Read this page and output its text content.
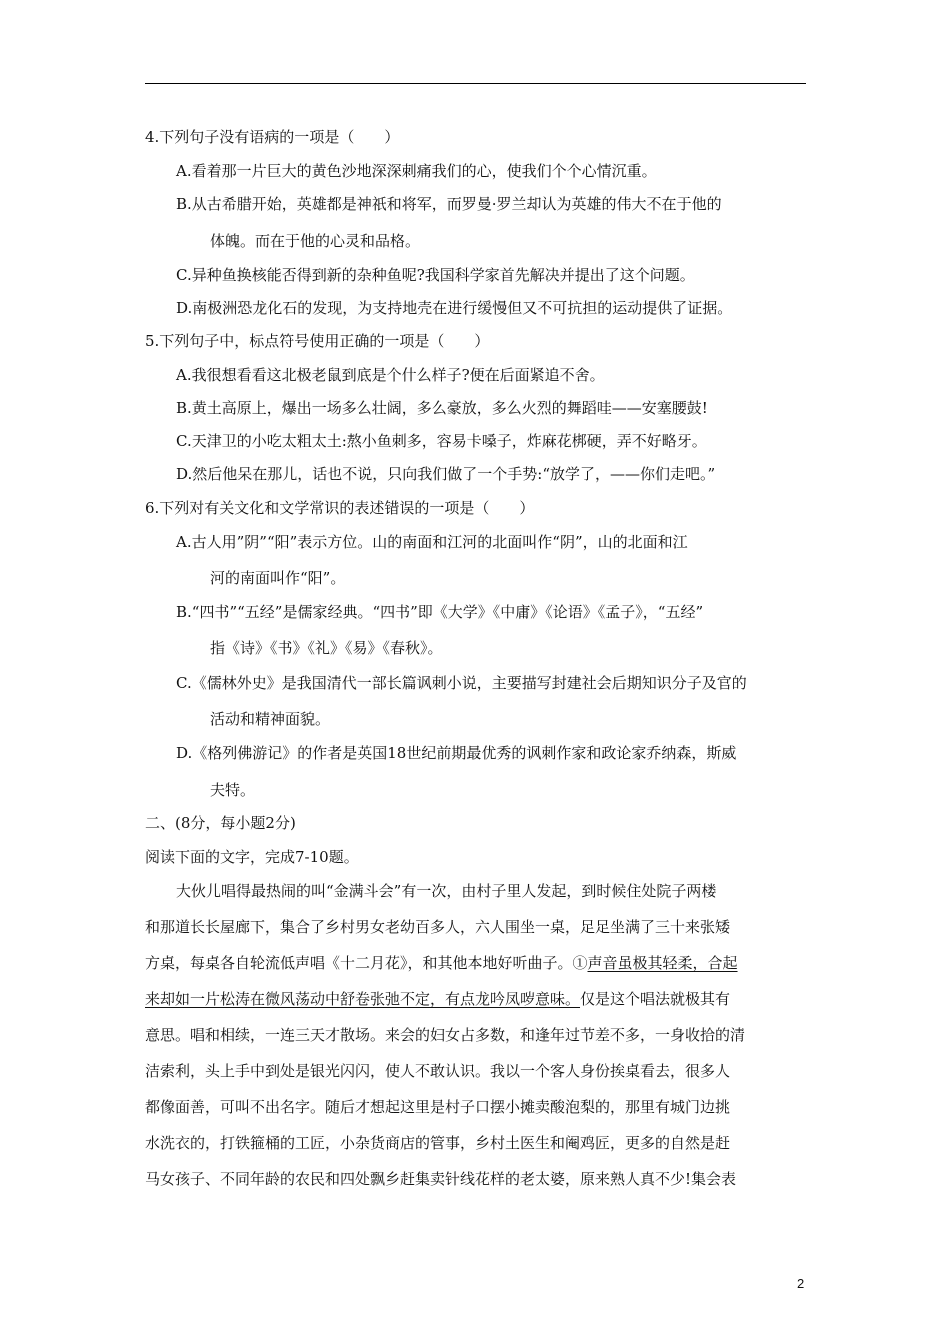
4.下列句子没有语病的一项是（　　）
A.看着那一片巨大的黄色沙地深深刺痛我们的心，使我们个个心情沉重。
B.从古希腊开始，英雄都是神祇和将军，而罗曼·罗兰却认为英雄的伟大不在于他的
体魄。而在于他的心灵和品格。
C.异种鱼换核能否得到新的杂种鱼呢?我国科学家首先解决并提出了这个问题。
D.南极洲恐龙化石的发现，为支持地壳在进行缓慢但又不可抗担的运动提供了证据。
5.下列句子中，标点符号使用正确的一项是（　　）
A.我很想看看这北极老鼠到底是个什么样子?便在后面紧追不舍。
B.黄土高原上，爆出一场多么壮阔，多么豪放，多么火烈的舞蹈哇——安塞腰鼓!
C.天津卫的小吃太粗太土:熬小鱼刺多，容易卡嗓子，炸麻花梆硬，弄不好略牙。
D.然后他呆在那儿，话也不说，只向我们做了一个手势:“放学了，——你们走吧。”
6.下列对有关文化和文学常识的表述错误的一项是（　　）
A.古人用”阴”“阳”表示方位。山的南面和江河的北面叫作“阴”，山的北面和江
河的南面叫作“阳”。
B.“四书”“五经”是儒家经典。“四书”即《大学》《中庸》《论语》《孟子》，“五经”
指《诗》《书》《礼》《易》《春秋》。
C.《儒林外史》是我国清代一部长篇讽刺小说，主要描写封建社会后期知识分子及官的
活动和精神面貌。
D.《格列佛游记》的作者是英国18世纪前期最优秀的讽刺作家和政论家乔纳森，斯威
夫特。
二、(8分，每小题2分)
阅读下面的文字，完成7-10题。
大伙儿唱得最热闹的叫“金满斗会”有一次，由村子里人发起，到时候住处院子两楼
和那道长长屋廊下，集合了乡村男女老幼百多人，六人围坐一桌，足足坐满了三十来张矮
方桌，每桌各自轮流低声唱《十二月花》，和其他本地好听曲子。①声音虽极其轻柔，合起
来却如一片松涛在微风荡动中舒卷张弛不定，有点龙吟凤哕意味。仅是这个唱法就极其有
意思。唱和相续，一连三天才散场。来会的妇女占多数，和逢年过节差不多，一身收拾的清
洁索利，头上手中到处是银光闪闪，使人不敢认识。我以一个客人身份挨桌看去，很多人
都像面善，可叫不出名字。随后才想起这里是村子口摆小摊卖酸泡梨的，那里有城门边挑
水洗衣的，打铁箍桶的工匠，小杂货商店的管事，乡村土医生和阉鸡匠，更多的自然是赶
马女孩子、不同年龄的农民和四处飘乡赶集卖针线花样的老太婆，原来熟人真不少!集会表
2
